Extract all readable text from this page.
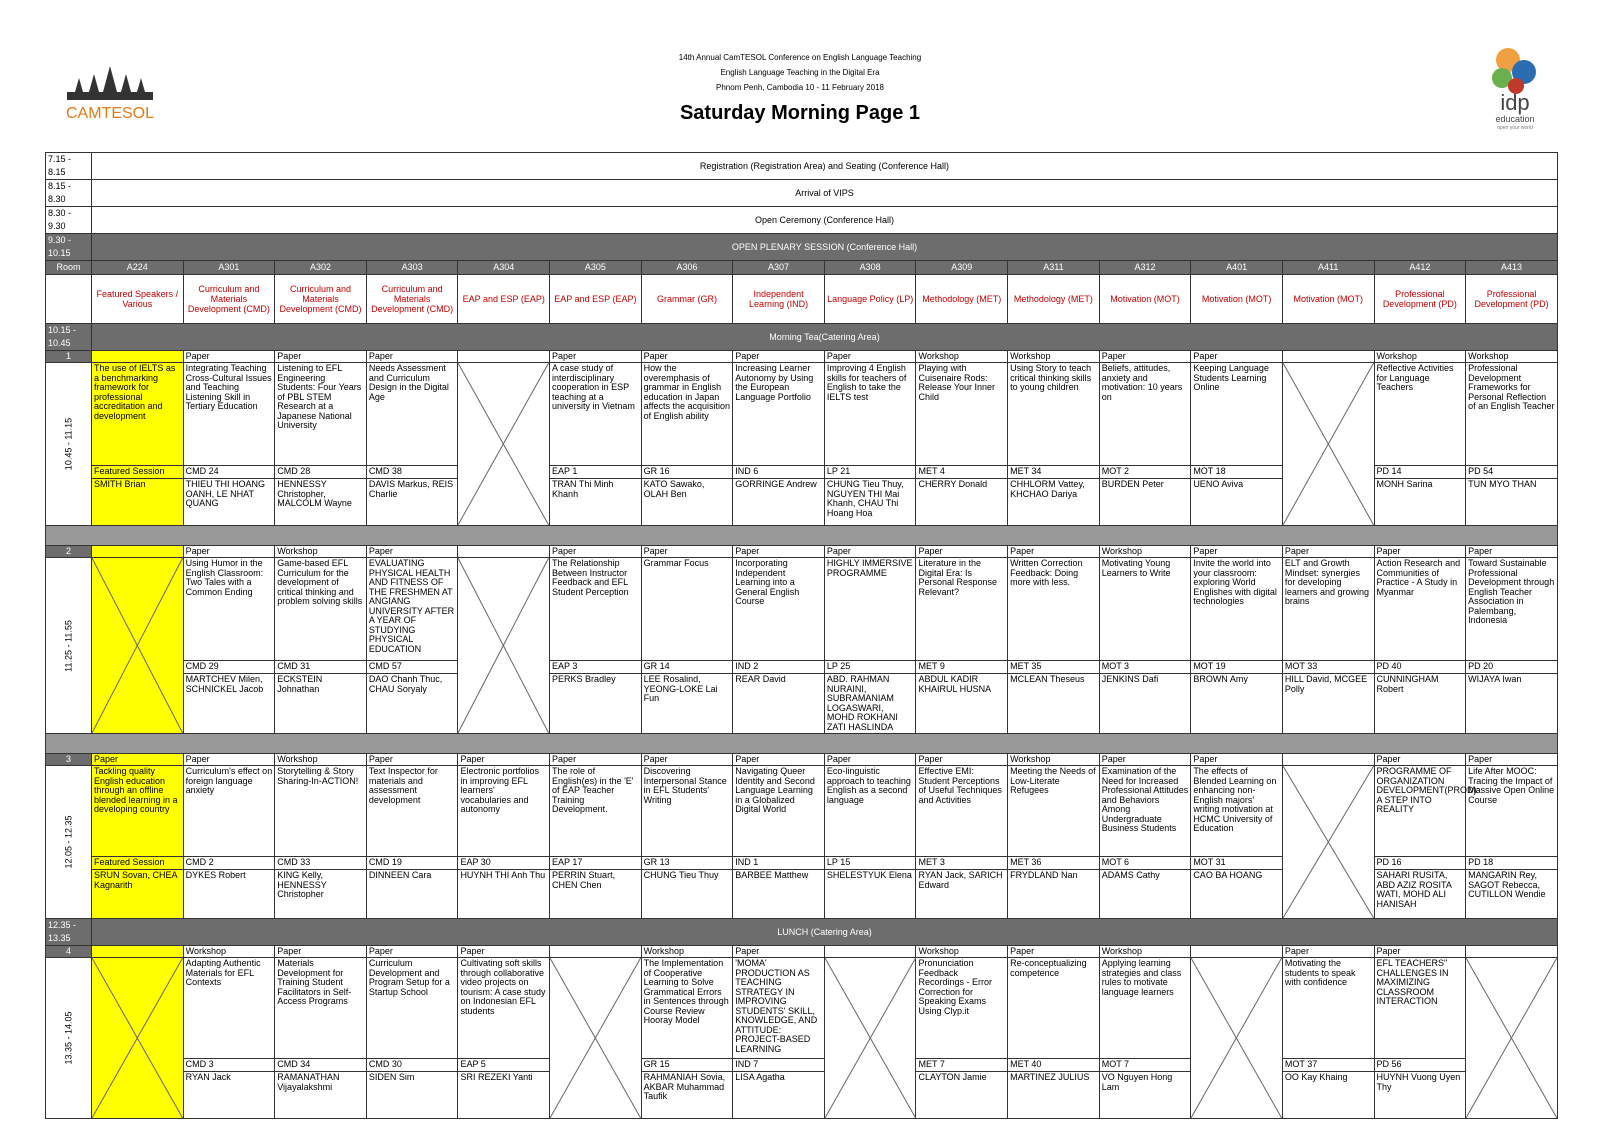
14th Annual CamTESOL Conference on English Language Teaching
English Language Teaching in the Digital Era
Phnom Penh, Cambodia 10 - 11 February 2018
Saturday Morning Page 1
CAMTESOL	idp
education
open your world
7.15 - 8.15	Registration (Registration Area) and Seating (Conference Hall)															
8.15 - 8.30	Arrival of VIPS															
8.30 - 9.30	Open Ceremony (Conference Hall)															
9.30 - 10.15	OPEN PLENARY SESSION (Conference Hall)															
Room	A224	A301	A302	A303	A304	A305	A306	A307	A308	A309	A311	A312	A401	A411	A412	A413
	Featured Speakers / Various	Curriculum and Materials Development (CMD)	Curriculum and Materials Development (CMD)	Curriculum and Materials Development (CMD)	EAP and ESP (EAP)	EAP and ESP (EAP)	Grammar (GR)	Independent Learning (IND)	Language Policy (LP)	Methodology (MET)	Methodology (MET)	Motivation (MOT)	Motivation (MOT)	Motivation (MOT)	Professional Development (PD)	Professional Development (PD)
10.15 - 10.45	Morning Tea(Catering Area)															
1		Paper	Paper	Paper		Paper	Paper	Paper	Paper	Workshop	Workshop	Paper	Paper		Workshop	Workshop

10.45 - 11.15	The use of IELTS as a benchmarking framework for professional accreditation and development	Integrating Teaching Cross-Cultural Issues and Teaching Listening Skill in Tertiary Education	Listening to EFL Engineering Students: Four Years of PBL STEM Research at a Japanese National University	Needs Assessment and Curriculum Design in the Digital Age		A case study of interdisciplinary cooperation in ESP teaching at a university in Vietnam	How the overemphasis of grammar in English education in Japan affects the acquisition of English ability	Increasing Learner Autonomy by Using the European Language Portfolio	Improving 4 English skills for teachers of English to take the IELTS test	Playing with Cuisenaire Rods: Release Your Inner Child	Using Story to teach critical thinking skills to young children	Beliefs, attitudes, anxiety and motivation: 10 years on	Keeping Language Students Learning Online		Reflective Activities for Language Teachers	Professional Development Frameworks for Personal Reflection of an English Teacher
	Featured Session	CMD 24	CMD 28	CMD 38		EAP 1	GR 16	IND 6	LP 21	MET 4	MET 34	MOT 2	MOT 18		PD 14	PD 54
	SMITH Brian	THIEU THI HOANG OANH, LE NHAT QUANG	HENNESSY Christopher, MALCOLM Wayne	DAVIS Markus, REIS Charlie		TRAN Thi Minh Khanh	KATO Sawako, OLAH Ben	GORRINGE Andrew	CHUNG Tieu Thuy, NGUYEN THI Mai Khanh, CHAU Thi Hoang Hoa	CHERRY Donald	CHHLORM Vattey, KHCHAO Dariya	BURDEN Peter	UENO Aviva		MONH Sarina	TUN MYO THAN

2		Paper	Workshop	Paper		Paper	Paper	Paper	Paper	Paper	Paper	Workshop	Paper	Paper	Paper	Paper

11.25 - 11.55		Using Humor in the English Classroom: Two Tales with a Common Ending	Game-based EFL Curriculum for the development of critical thinking and problem solving skills	EVALUATING PHYSICAL HEALTH AND FITNESS OF THE FRESHMEN AT ANGIANG UNIVERSITY AFTER A YEAR OF STUDYING PHYSICAL EDUCATION		The Relationship Between Instructor Feedback and EFL Student Perception	Grammar Focus	Incorporating Independent Learning into a General English Course	HIGHLY IMMERSIVE PROGRAMME	Literature in the Digital Era: Is Personal Response Relevant?	Written Correction Feedback: Doing more with less.	Motivating Young Learners to Write	Invite the world into your classroom: exploring World Englishes with digital technologies	ELT and Growth Mindset: synergies for developing learners and growing brains	Action Research and Communities of Practice - A Study in Myanmar	Toward Sustainable Professional Development through English Teacher Association in Palembang, Indonesia
		CMD 29	CMD 31	CMD 57		EAP 3	GR 14	IND 2	LP 25	MET 9	MET 35	MOT 3	MOT 19	MOT 33	PD 40	PD 20
		MARTCHEV Milen, SCHNICKEL Jacob	ECKSTEIN Johnathan	DAO Chanh Thuc, CHAU Soryaly		PERKS Bradley	LEE Rosalind, YEONG-LOKE Lai Fun	REAR David	ABD. RAHMAN NURAINI, SUBRAMANIAM LOGASWARI, MOHD ROKHANI ZATI HASLINDA	ABDUL KADIR KHAIRUL HUSNA	MCLEAN Theseus	JENKINS Dafi	BROWN Amy	HILL David, MCGEE Polly	CUNNINGHAM Robert	WIJAYA Iwan

3	Paper	Paper	Workshop	Paper	Paper	Paper	Paper	Paper	Paper	Paper	Workshop	Paper	Paper		Paper	Paper

12.05 - 12.35	Tackling quality English education through an offline blended learning in a developing country	Curriculum's effect on foreign language anxiety	Storytelling & Story Sharing-In-ACTION!	Text Inspector for materials and assessment development	Electronic portfolios in improving EFL learners' vocabularies and autonomy	The role of English(es) in the 'E' of EAP Teacher Training Development.	Discovering Interpersonal Stance in EFL Students' Writing	Navigating Queer Identity and Second Language Learning in a Globalized Digital World	Eco-linguistic approach to teaching English as a second language	Effective EMI: Student Perceptions of Useful Techniques and Activities	Meeting the Needs of Low-Literate Refugees	Examination of the Need for Increased Professional Attitudes and Behaviors Among Undergraduate Business Students	The effects of Blended Learning on enhancing non-English majors' writing motivation at HCMC University of Education		PROGRAMME OF ORGANIZATION DEVELOPMENT(PROD): A STEP INTO REALITY	Life After MOOC: Tracing the Impact of Massive Open Online Course
	Featured Session	CMD 2	CMD 33	CMD 19	EAP 30	EAP 17	GR 13	IND 1	LP 15	MET 3	MET 36	MOT 6	MOT 31		PD 16	PD 18
	SRUN Sovan, CHEA Kagnarith	DYKES Robert	KING Kelly, HENNESSY Christopher	DINNEEN Cara	HUYNH THI Anh Thu	PERRIN Stuart, CHEN Chen	CHUNG Tieu Thuy	BARBEE Matthew	SHELESTYUK Elena	RYAN Jack, SARICH Edward	FRYDLAND Nan	ADAMS Cathy	CAO BA HOANG		SAHARI RUSITA, ABD AZIZ ROSITA WATI, MOHD ALI HANISAH	MANGARIN Rey, SAGOT Rebecca, CUTILLON Wendie
12.35 - 13.35	LUNCH (Catering Area)															
4		Workshop	Paper	Paper	Paper		Workshop	Paper		Workshop	Paper	Workshop		Paper	Paper	

13.35 - 14.05		Adapting Authentic Materials for EFL Contexts	Materials Development for Training Student Facilitators in Self-Access Programs	Curriculum Development and Program Setup for a Startup School	Cultivating soft skills through collaborative video projects on tourism: A case study on Indonesian EFL students		The Implementation of Cooperative Learning to Solve Grammatical Errors in Sentences through Course Review Hooray Model	'MOMA' PRODUCTION AS TEACHING STRATEGY IN IMPROVING STUDENTS' SKILL, KNOWLEDGE, AND ATTITUDE: PROJECT-BASED LEARNING		Pronunciation Feedback Recordings - Error Correction for Speaking Exams Using Clyp.it	Re-conceptualizing competence	Applying learning strategies and class rules to motivate language learners		Motivating the students to speak with confidence	EFL TEACHERS" CHALLENGES IN MAXIMIZING CLASSROOM INTERACTION	

		CMD 3	CMD 34	CMD 30	EAP 5		GR 15	IND 7		MET 7	MET 40	MOT 7		MOT 37	PD 56	
		RYAN Jack	RAMANATHAN Vijayalakshmi	SIDEN Sim	SRI REZEKI Yanti		RAHMANIAH Sovia, AKBAR Muhammad Taufik	LISA Agatha		CLAYTON Jamie	MARTINEZ JULIUS	VO Nguyen Hong Lam		OO Kay Khaing	HUYNH Vuong Uyen Thy	
